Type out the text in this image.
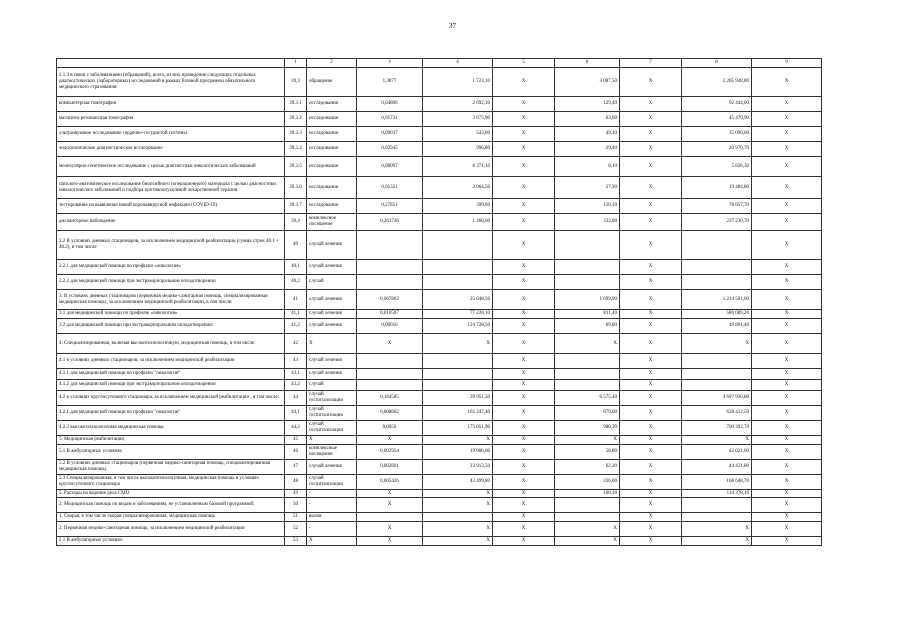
37
	1	2	3	4	5	6	7	8	9
2.1.3 в связи с заболеваниями (обращений), всего, из них проведение следующих отдельных диагностических (лабораторных) исследований в рамках базовой программы обязательного медицинского страхования:	39,3	обращение	1,3877	1 723,10	X	3 087,50	X	2 205 948,80	X
компьютерная томография	39.3.1	исследования	0,04806	2 692,10	X	129,40	X	92 444,00	X
магнитно-резонансная томография	39.3.2	исследования	0,01731	3 675,90	X	63,60	X	45 470,90	X
ультразвуковое исследование сердечно-сосудистой системы	39.3.3	исследования	0,09037	543,60	X	49,10	X	35 096,60	X
эндоскопическое диагностическое исследование	39.3.4	исследования	0,02945	996,80	X	29,40	X	20 970,70	X
молекулярно-генетическое исследование с целью диагностики онкологических заболеваний	39.3.5	исследования	0,00097	8 371,10	X	8,10	X	5 826,30	X
патолого-анатомическое исследование биопсийного (операционного) материала с целью диагностики онкологических заболеваний и подбора противоопухолевой лекарственной терапии	39.3.6	исследования	0,01321	2 064,50	X	27,30	X	19 484,80	X
тестирование на выявление новой коронавирусной инфекции (COVID-19)	39.3.7	исследования	0,27851	399,60	X	110,10	X	78 657,70	X
диспансерное наблюдение	39,4	комплексное посещение	0,261736	1 268,60	X	332,00	X	237 230,70	X
2.2 В условиях дневных стационаров, за исключением медицинской реабилитации (сумма строк 40.1 + 40.2), в том числе	40	случай лечения			X		X		X
2.2.1 для медицинской помощи по профилю «онкология»	40,1	случай лечения			X		X		X
2.2.2 для медицинской помощи при экстракорпоральном оплодотворении	40,2	случай			X		X		X
3. В условиях дневных стационаров (первичная медико-санитарная помощь, специализированная медицинская помощь), за исключением медицинской реабилитации, в том числе:	41	случай лечения	0,067863	25 048,50	X	1 699,90	X	1 214 501,60	X
3.1 для медицинской помощи по профилю «онкология»	41,1	случай лечения	0,010507	77 228,10	X	811,40	X	580 089,20	X
3.2 для медицинской помощи при экстракорпоральном оплодотворении:	41,2	случай лечения	0,00056	124 728,50	X	69,80	X	49 891,40	X
4. Специализированная, включая высокотехнологичную, медицинская помощь, в том числе:	42	X	X	X	X	X	X	X	X
4.1 в условиях дневных стационаров, за исключением медицинской реабилитации	43	случай лечения			X		X		X
4.1.1 для медицинской помощи по профилю "онкология"	43,1	случай лечения			X		X		X
4.1.2 для медицинской помощи при экстракорпоральном оплодотворении	43,2	случай			X		X		X
4.2 в условиях круглосуточного стационара, за исключением медицинской реабилитации , в том числе:	44	случай госпитализации	0,164585	39 951,50	X	6 575,40	X	4 697 936,80	X
4.2.1 для медицинской помощи по профилю "онкология"	44,1	случай госпитализации	0,008602	102 247,40	X	879,60	X	628 412,50	X
4.2.2 высокотехнологичная медицинская помощь	44,2	случай госпитализации	0,0056	175 051,90	X	980,30	X	700 392,70	X
5. Медицинская реабилитация,	45	X	X	X	X	X	X	X	X
5.1 В амбулаторных условиях	46	комплексные посещения	0,002954	19 906,00	X	58,80	X	42 021,60	X
5.2 В условиях дневных стационаров (первичная медико-санитарная помощь, специализированная медицинская помощь)	47	случай лечения	0,002601	23 913,50	X	62,20	X	44 431,80	X
5.3 Специализированная, в том числе высокотехнологичная, медицинская помощь в условиях круглосуточного стационара	48	случай госпитализации	0,005426	43 499,80	X	236,00	X	168 648,70	X
5. Расходы на ведение дела СМО	49	-	X	X	X	160,10	X	114 378,10	X
2. Медицинская помощь по видам и заболеваниям, не установленным базовой программой:	50	-	X	X	X		X		X
1. Скорая, в том числе скорая специализированная, медицинская помощь	51	вызов			X		X		X
2. Первичная медико-санитарная помощь, за исключением медицинской реабилитации	52	-	X	X	X	X	X	X	X
2.1 В амбулаторных условиях:	53	X	X	X	X	X	X	X	X
